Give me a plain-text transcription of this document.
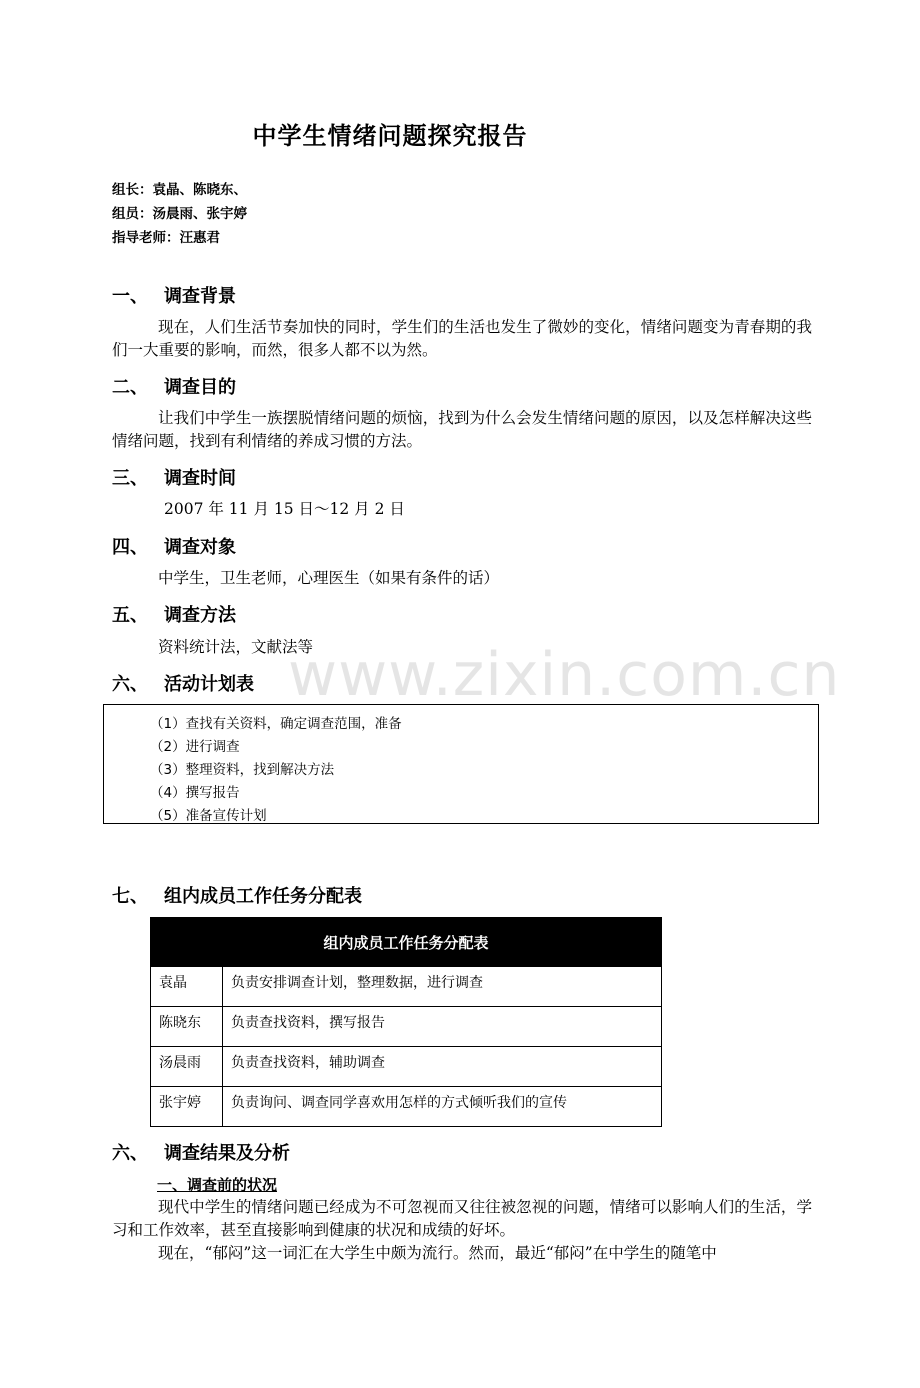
中学生情绪问题探究报告
组长：袁晶、陈晓东、
组员：汤晨雨、张宇婷
指导老师：汪惠君
一、 调查背景
现在，人们生活节奏加快的同时，学生们的生活也发生了微妙的变化，情绪问题变为青春期的我们一大重要的影响，而然，很多人都不以为然。
二、 调查目的
让我们中学生一族摆脱情绪问题的烦恼，找到为什么会发生情绪问题的原因，以及怎样解决这些情绪问题，找到有利情绪的养成习惯的方法。
三、 调查时间
2007 年 11 月 15 日～12 月 2 日
四、 调查对象
中学生，卫生老师，心理医生（如果有条件的话）
五、 调查方法
资料统计法，文献法等
六、 活动计划表
（1）查找有关资料，确定调查范围，准备
（2）进行调查
（3）整理资料，找到解决方法
（4）撰写报告
（5）准备宣传计划
七、 组内成员工作任务分配表
组内成员工作任务分配表	
袁晶	负责安排调查计划，整理数据，进行调查
陈晓东	负责查找资料，撰写报告
汤晨雨	负责查找资料，辅助调查
张宇婷	负责询问、调查同学喜欢用怎样的方式倾听我们的宣传
六、 调查结果及分析
一、调查前的状况
现代中学生的情绪问题已经成为不可忽视而又往往被忽视的问题，情绪可以影响人们的生活，学习和工作效率，甚至直接影响到健康的状况和成绩的好坏。
现在，“郁闷”这一词汇在大学生中颇为流行。然而，最近“郁闷”在中学生的随笔中
www.zixin.com.cn
